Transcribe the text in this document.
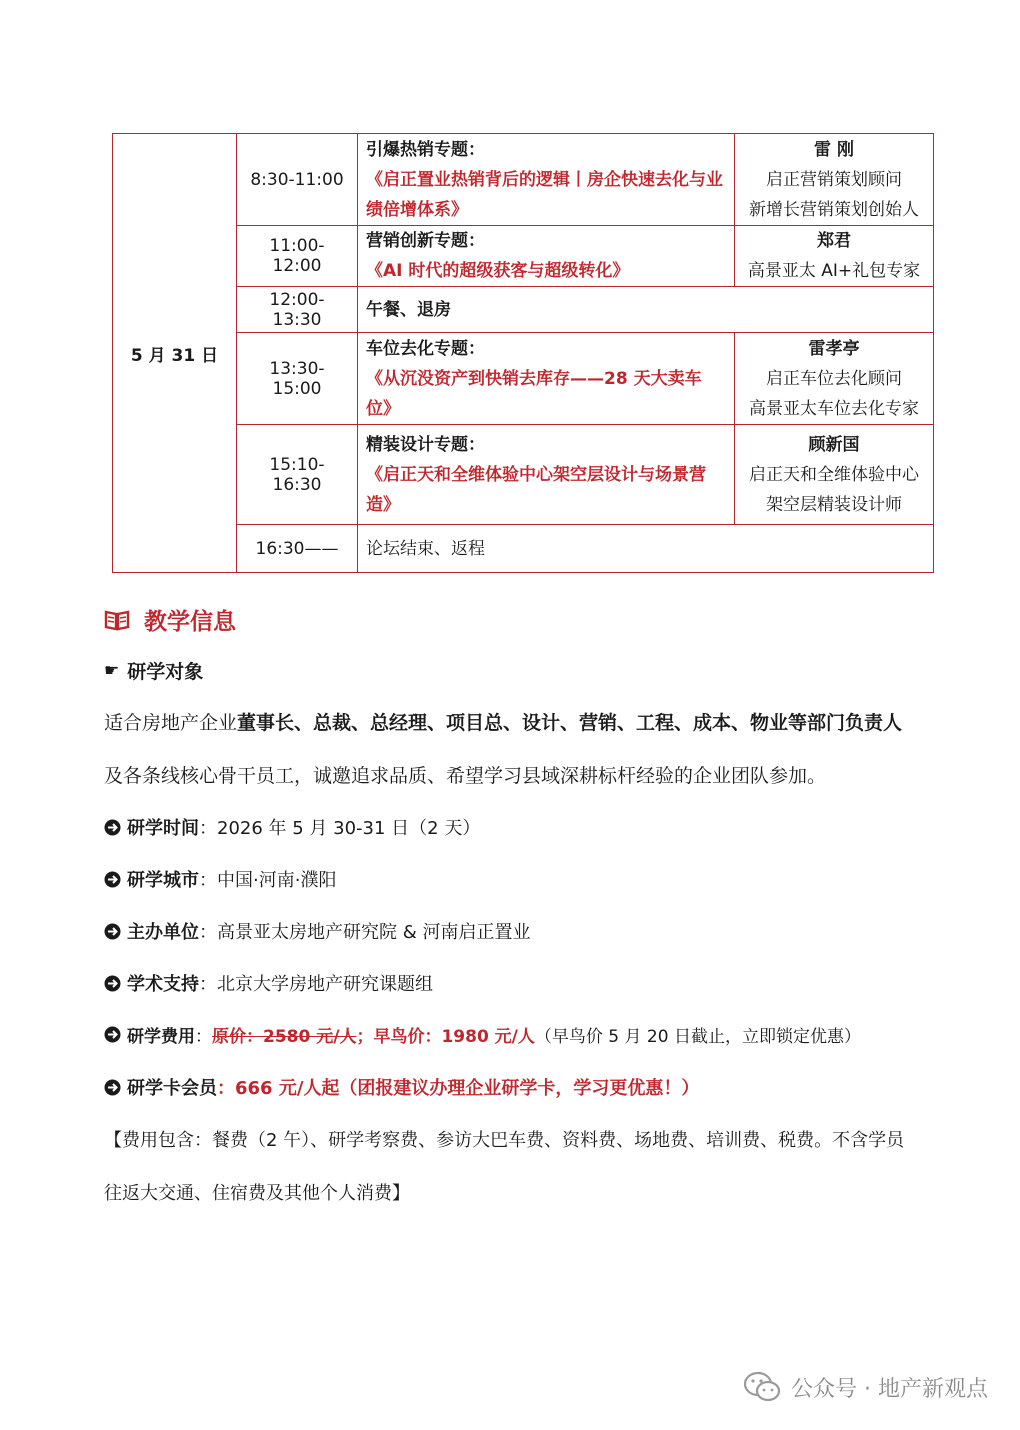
5 月 31 日	8:30-11:00	引爆热销专题：
《启正置业热销背后的逻辑丨房企快速去化与业绩倍增体系》	雷 刚
启正营销策划顾问
新增长营销策划创始人

	11:00-12:00	营销创新专题：
《AI 时代的超级获客与超级转化》	郑君
高景亚太 AI+礼包专家

	12:00-13:30	午餐、退房	

	13:30-15:00	车位去化专题：
《从沉没资产到快销去库存——28 天大卖车位》	雷孝亭
启正车位去化顾问
高景亚太车位去化专家

	15:10-16:30	精装设计专题：
《启正天和全维体验中心架空层设计与场景营造》	顾新国
启正天和全维体验中心
架空层精装设计师

	16:30——	论坛结束、返程	
教学信息
☛ 研学对象
适合房地产企业董事长、总裁、总经理、项目总、设计、营销、工程、成本、物业等部门负责人及各条线核心骨干员工，诚邀追求品质、希望学习县域深耕标杆经验的企业团队参加。
研学时间 ：2026 年 5 月 30-31 日（2 天）
研学城市 ：中国·河南·濮阳
主办单位 ：高景亚太房地产研究院 & 河南启正置业
学术支持 ：北京大学房地产研究课题组
研学费用 ： 原价：2580 元/人 ；早鸟价：1980 元/人 （早鸟价 5 月 20 日截止，立即锁定优惠）
研学卡会员 ：666 元/人起（团报建议办理企业研学卡，学习更优惠！）
【费用包含：餐费（2 午）、研学考察费、参访大巴车费、资料费、场地费、培训费、税费。不含学员往返大交通、住宿费及其他个人消费】
公众号 · 地产新观点
